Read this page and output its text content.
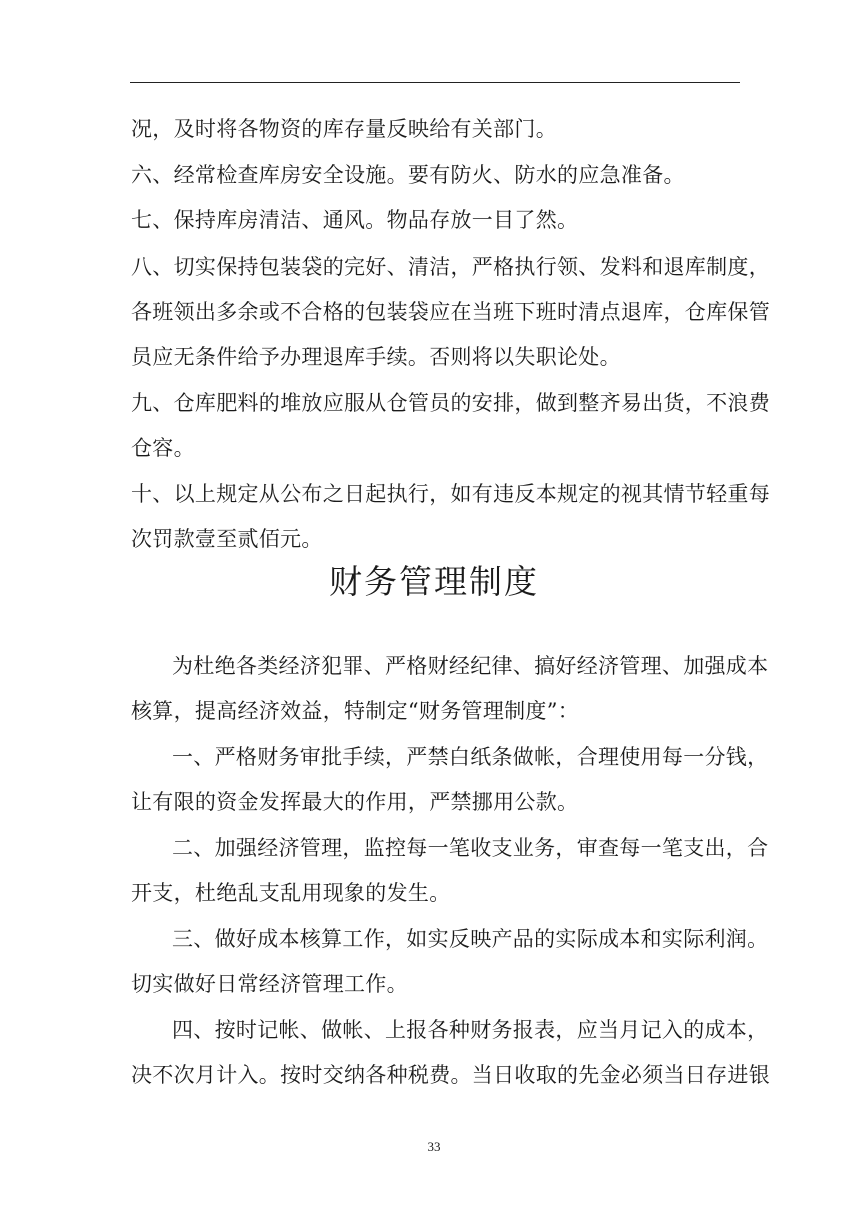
况，及时将各物资的库存量反映给有关部门。
六、经常检查库房安全设施。要有防火、防水的应急准备。
七、保持库房清洁、通风。物品存放一目了然。
八、切实保持包装袋的完好、清洁，严格执行领、发料和退库制度，
各班领出多余或不合格的包装袋应在当班下班时清点退库，仓库保管
员应无条件给予办理退库手续。否则将以失职论处。
九、仓库肥料的堆放应服从仓管员的安排，做到整齐易出货，不浪费
仓容。
十、以上规定从公布之日起执行，如有违反本规定的视其情节轻重每
次罚款壹至贰佰元。
财务管理制度
为杜绝各类经济犯罪、严格财经纪律、搞好经济管理、加强成本
核算，提高经济效益，特制定“财务管理制度”：
一、严格财务审批手续，严禁白纸条做帐，合理使用每一分钱，
让有限的资金发挥最大的作用，严禁挪用公款。
二、加强经济管理，监控每一笔收支业务，审查每一笔支出，合
开支，杜绝乱支乱用现象的发生。
三、做好成本核算工作，如实反映产品的实际成本和实际利润。
切实做好日常经济管理工作。
四、按时记帐、做帐、上报各种财务报表，应当月记入的成本，
决不次月计入。按时交纳各种税费。当日收取的先金必须当日存进银
33
